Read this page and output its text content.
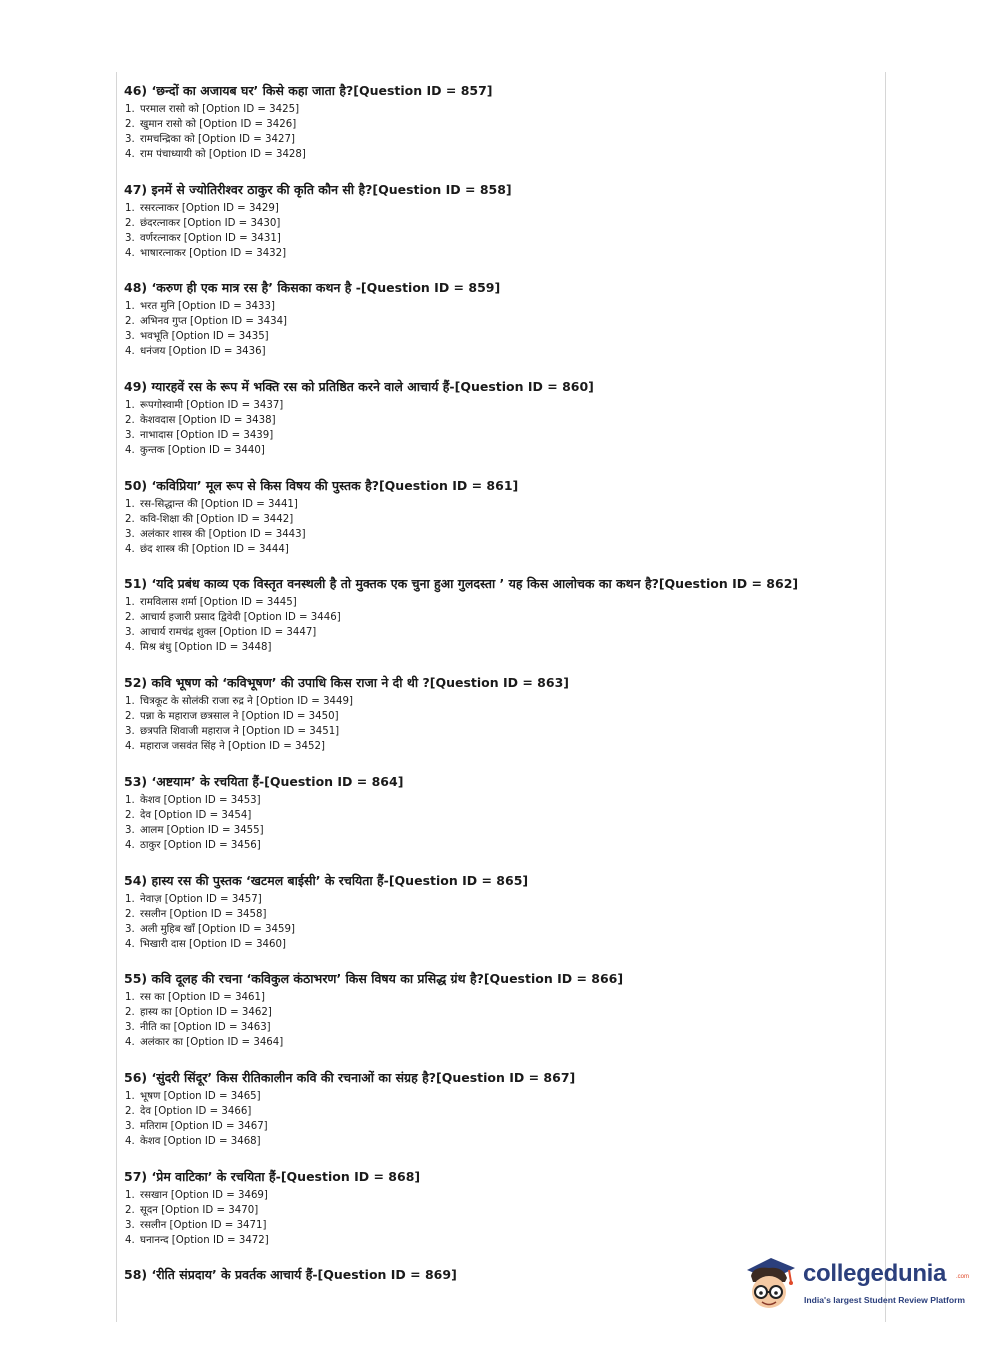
46) ‘छन्दों का अजायब घर’ किसे कहा जाता है?[Question ID = 857]
1. परमाल रासो को [Option ID = 3425]
2. खुमान रासो को [Option ID = 3426]
3. रामचन्द्रिका को [Option ID = 3427]
4. राम पंचाध्यायी को [Option ID = 3428]
47) इनमें से ज्योतिरीश्वर ठाकुर की कृति कौन सी है?[Question ID = 858]
1. रसरत्नाकर [Option ID = 3429]
2. छंदरत्नाकर [Option ID = 3430]
3. वर्णरत्नाकर [Option ID = 3431]
4. भाषारत्नाकर [Option ID = 3432]
48) ‘करुण ही एक मात्र रस है’ किसका कथन है -[Question ID = 859]
1. भरत मुनि [Option ID = 3433]
2. अभिनव गुप्त [Option ID = 3434]
3. भवभूति [Option ID = 3435]
4. धनंजय [Option ID = 3436]
49) ग्यारहवें रस के रूप में भक्ति रस को प्रतिष्ठित करने वाले आचार्य हैं-[Question ID = 860]
1. रूपगोस्वामी [Option ID = 3437]
2. केशवदास [Option ID = 3438]
3. नाभादास [Option ID = 3439]
4. कुन्तक [Option ID = 3440]
50) ‘कविप्रिया’ मूल रूप से किस विषय की पुस्तक है?[Question ID = 861]
1. रस-सिद्धान्त की [Option ID = 3441]
2. कवि-शिक्षा की [Option ID = 3442]
3. अलंकार शास्त्र की [Option ID = 3443]
4. छंद शास्त्र की [Option ID = 3444]
51) ‘यदि प्रबंध काव्य एक विस्तृत वनस्थली है तो मुक्तक एक चुना हुआ गुलदस्ता ’ यह किस आलोचक का कथन है?[Question ID = 862]
1. रामविलास शर्मा [Option ID = 3445]
2. आचार्य हजारी प्रसाद द्विवेदी [Option ID = 3446]
3. आचार्य रामचंद्र शुक्ल [Option ID = 3447]
4. मिश्र बंधु [Option ID = 3448]
52) कवि भूषण को ‘कविभूषण’ की उपाधि किस राजा ने दी थी ?[Question ID = 863]
1. चित्रकूट के सोलंकी राजा रुद्र ने [Option ID = 3449]
2. पन्ना के महाराज छत्रसाल ने [Option ID = 3450]
3. छत्रपति शिवाजी महाराज ने [Option ID = 3451]
4. महाराज जसवंत सिंह ने [Option ID = 3452]
53) ‘अष्टयाम’ के रचयिता हैं-[Question ID = 864]
1. केशव [Option ID = 3453]
2. देव [Option ID = 3454]
3. आलम [Option ID = 3455]
4. ठाकुर [Option ID = 3456]
54) हास्य रस की पुस्तक ‘खटमल बाईसी’ के रचयिता हैं-[Question ID = 865]
1. नेवाज़ [Option ID = 3457]
2. रसलीन [Option ID = 3458]
3. अली मुहिब खाँ [Option ID = 3459]
4. भिखारी दास [Option ID = 3460]
55) कवि दूलह की रचना ‘कविकुल कंठाभरण’ किस विषय का प्रसिद्ध ग्रंथ है?[Question ID = 866]
1. रस का [Option ID = 3461]
2. हास्य का [Option ID = 3462]
3. नीति का [Option ID = 3463]
4. अलंकार का [Option ID = 3464]
56) ‘सुंदरी सिंदूर’ किस रीतिकालीन कवि की रचनाओं का संग्रह है?[Question ID = 867]
1. भूषण [Option ID = 3465]
2. देव [Option ID = 3466]
3. मतिराम [Option ID = 3467]
4. केशव [Option ID = 3468]
57) ‘प्रेम वाटिका’ के रचयिता हैं-[Question ID = 868]
1. रसखान [Option ID = 3469]
2. सूदन [Option ID = 3470]
3. रसलीन [Option ID = 3471]
4. घनानन्द [Option ID = 3472]
58) ‘रीति संप्रदाय’ के प्रवर्तक आचार्य हैं-[Question ID = 869]	collegedunia .com
India's largest Student Review Platform
